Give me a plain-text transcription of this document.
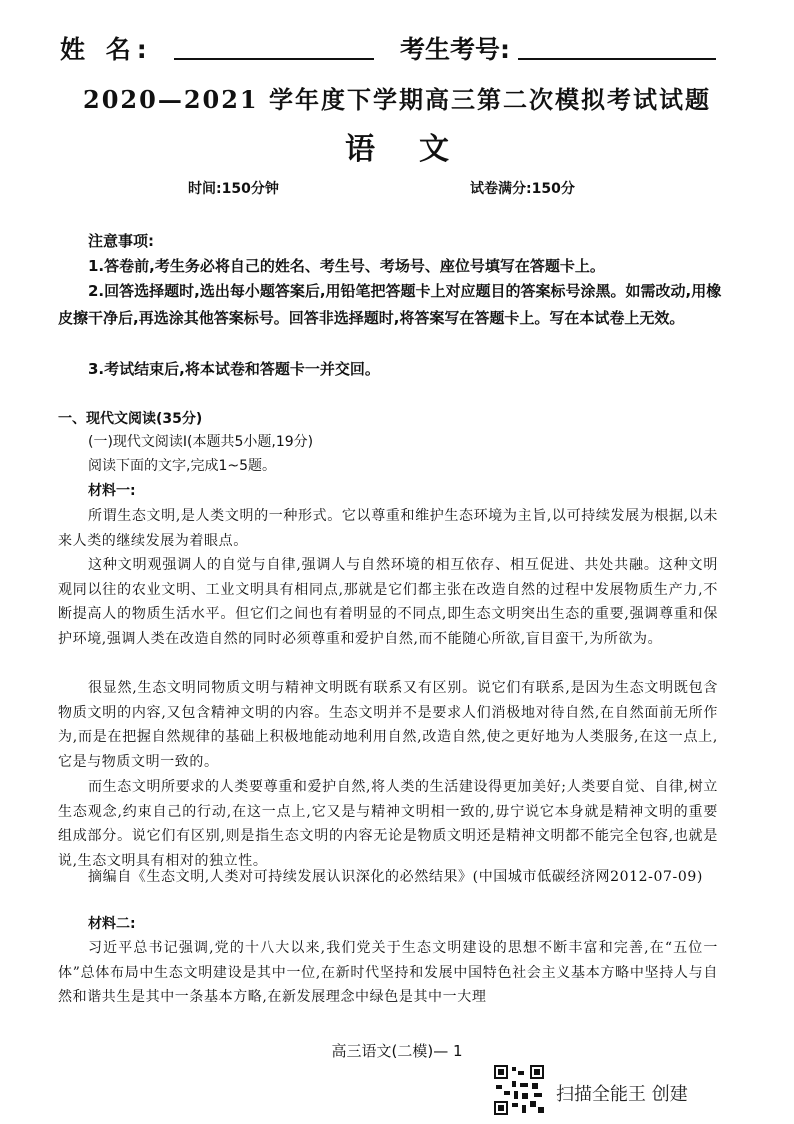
姓 名:	考生考号:
2020—2021 学年度下学期高三第二次模拟考试试题
语文
时间:150分钟	试卷满分:150分
注意事项:
1.答卷前,考生务必将自己的姓名、考生号、考场号、座位号填写在答题卡上。
2.回答选择题时,选出每小题答案后,用铅笔把答题卡上对应题目的答案标号涂黑。如需改动,用橡皮擦干净后,再选涂其他答案标号。回答非选择题时,将答案写在答题卡上。写在本试卷上无效。
3.考试结束后,将本试卷和答题卡一并交回。
一、现代文阅读(35分)
(一)现代文阅读Ⅰ(本题共5小题,19分)
阅读下面的文字,完成1~5题。
材料一:
所谓生态文明,是人类文明的一种形式。它以尊重和维护生态环境为主旨,以可持续发展为根据,以未来人类的继续发展为着眼点。
这种文明观强调人的自觉与自律,强调人与自然环境的相互依存、相互促进、共处共融。这种文明观同以往的农业文明、工业文明具有相同点,那就是它们都主张在改造自然的过程中发展物质生产力,不断提高人的物质生活水平。但它们之间也有着明显的不同点,即生态文明突出生态的重要,强调尊重和保护环境,强调人类在改造自然的同时必须尊重和爱护自然,而不能随心所欲,盲目蛮干,为所欲为。
很显然,生态文明同物质文明与精神文明既有联系又有区别。说它们有联系,是因为生态文明既包含物质文明的内容,又包含精神文明的内容。生态文明并不是要求人们消极地对待自然,在自然面前无所作为,而是在把握自然规律的基础上积极地能动地利用自然,改造自然,使之更好地为人类服务,在这一点上,它是与物质文明一致的。
而生态文明所要求的人类要尊重和爱护自然,将人类的生活建设得更加美好;人类要自觉、自律,树立生态观念,约束自己的行动,在这一点上,它又是与精神文明相一致的,毋宁说它本身就是精神文明的重要组成部分。说它们有区别,则是指生态文明的内容无论是物质文明还是精神文明都不能完全包容,也就是说,生态文明具有相对的独立性。
摘编自《生态文明,人类对可持续发展认识深化的必然结果》(中国城市低碳经济网2012-07-09)
材料二:
习近平总书记强调,党的十八大以来,我们党关于生态文明建设的思想不断丰富和完善,在“五位一体”总体布局中生态文明建设是其中一位,在新时代坚持和发展中国特色社会主义基本方略中坚持人与自然和谐共生是其中一条基本方略,在新发展理念中绿色是其中一大理
高三语文(二模)— 1
扫描全能王 创建
